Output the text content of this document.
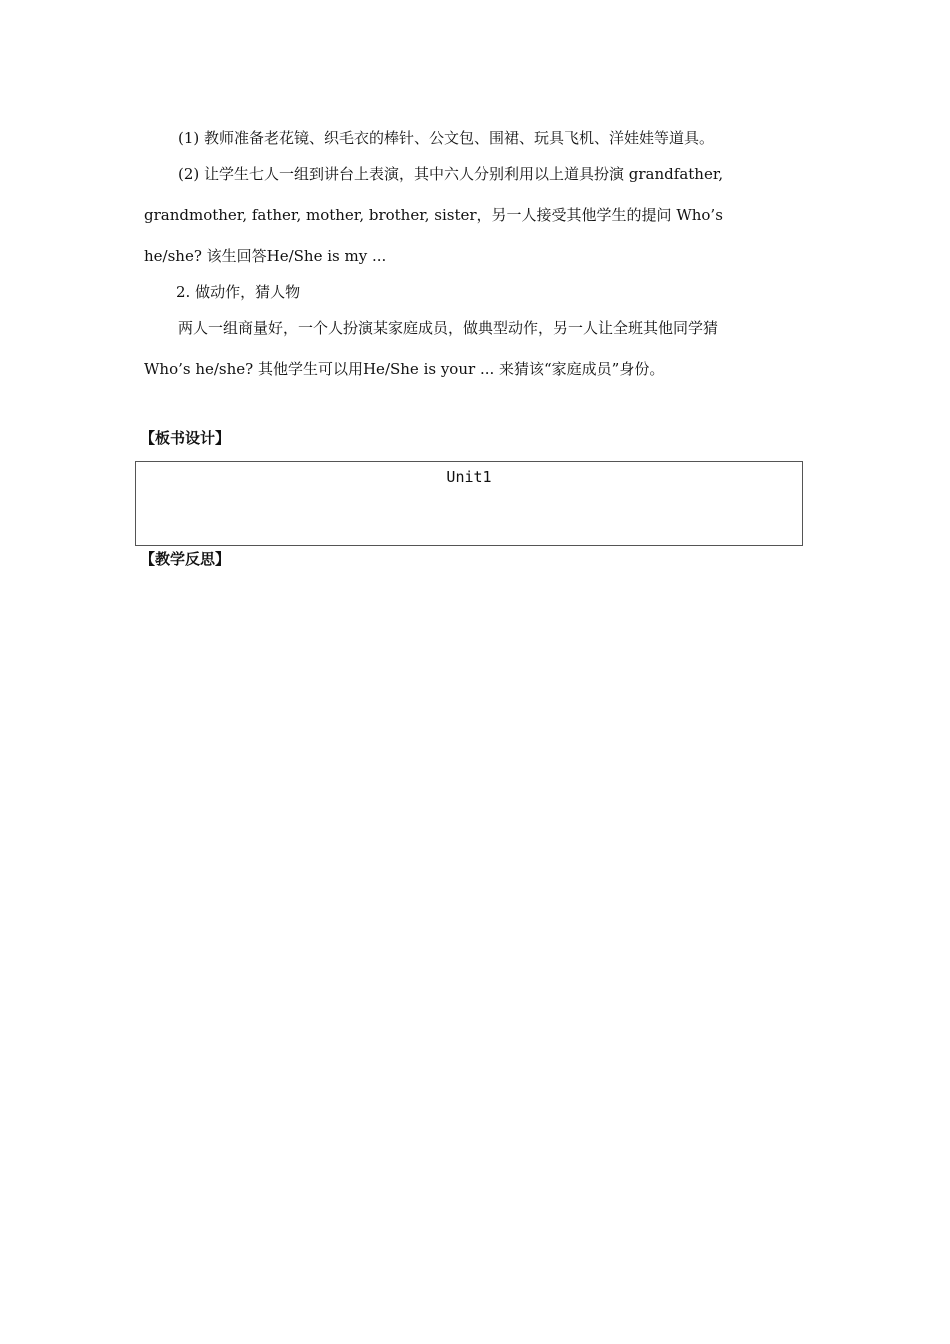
(1) 教师准备老花镜、织毛衣的棒针、公文包、围裙、玩具飞机、洋娃娃等道具。
(2) 让学生七人一组到讲台上表演，其中六人分别利用以上道具扮演 grandfather,
grandmother, father, mother, brother, sister，另一人接受其他学生的提问 Who’s
he/she? 该生回答He/She is my ...
2. 做动作，猜人物
两人一组商量好，一个人扮演某家庭成员，做典型动作，另一人让全班其他同学猜
Who’s he/she? 其他学生可以用He/She is your ... 来猜该“家庭成员”身份。
【板书设计】
Unit1
【教学反思】
